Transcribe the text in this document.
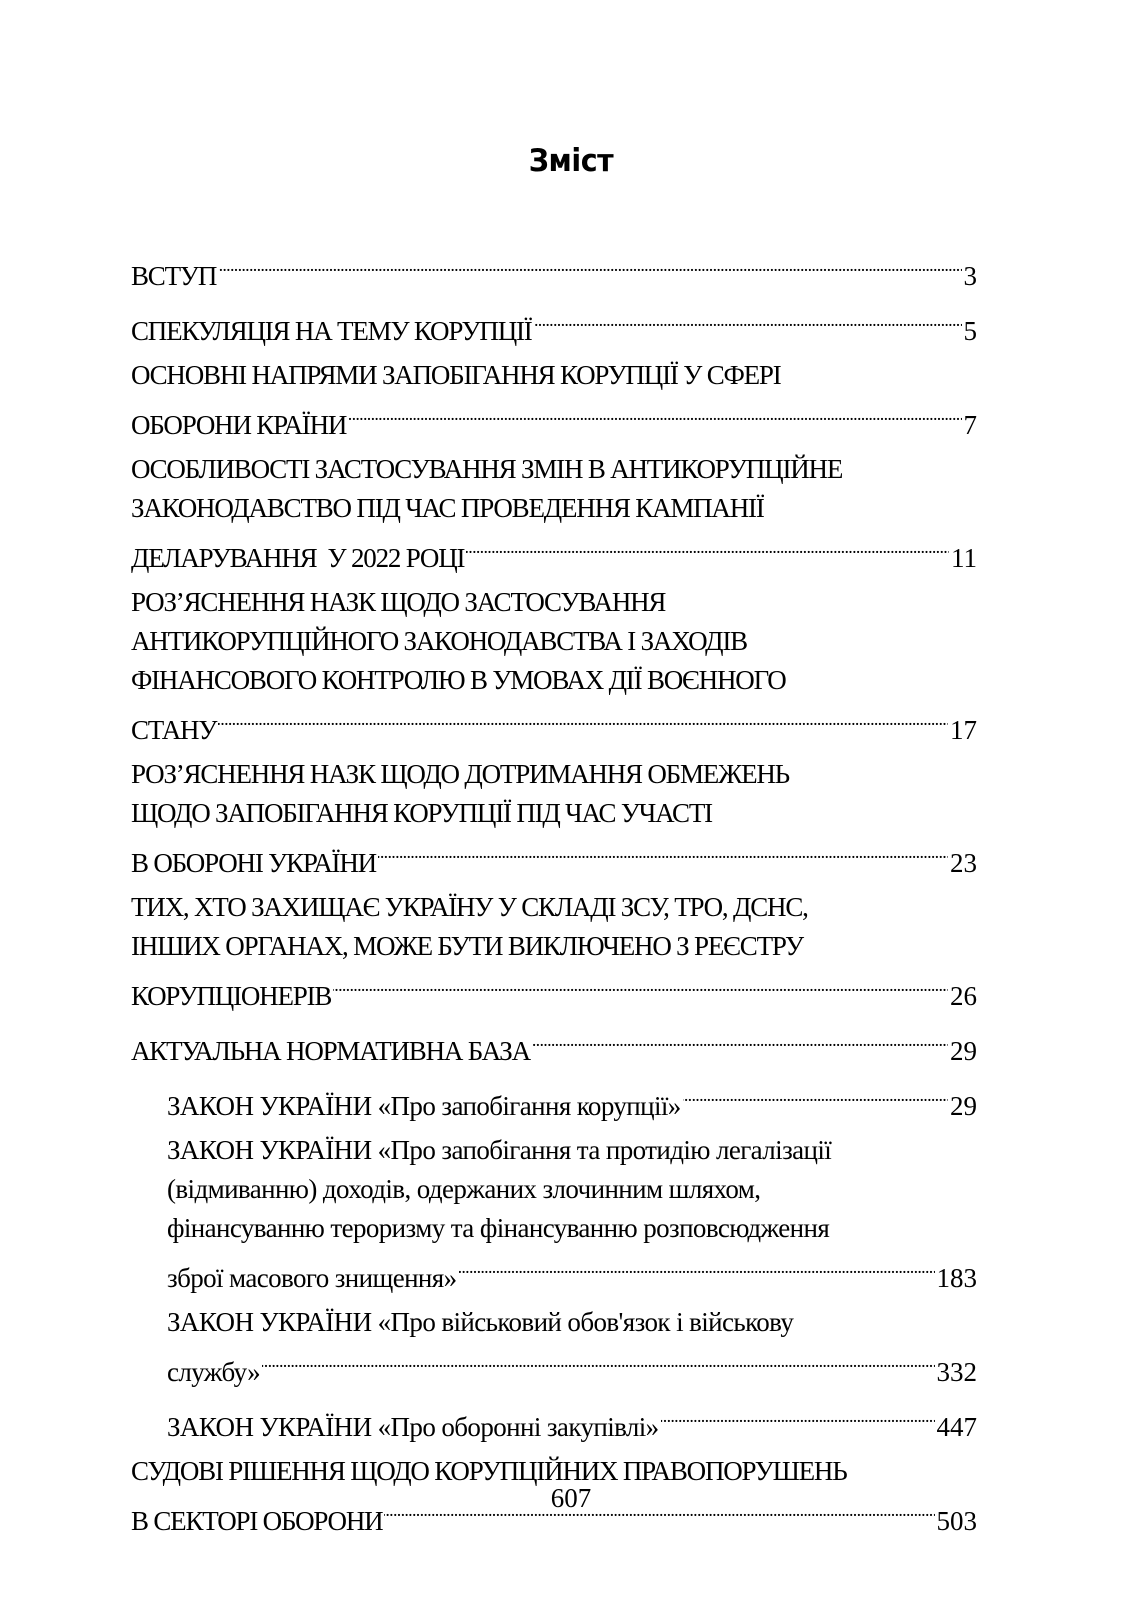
Зміст
ВСТУП . . .	3
СПЕКУЛЯЦІЯ НА ТЕМУ КОРУПЦІЇ . . .	5
ОСНОВНІ НАПРЯМИ ЗАПОБІГАННЯ КОРУПЦІЇ У СФЕРІ
ОБОРОНИ КРАЇНИ . . .	7
ОСОБЛИВОСТІ ЗАСТОСУВАННЯ ЗМІН В АНТИКОРУПЦІЙНЕ
ЗАКОНОДАВСТВО ПІД ЧАС ПРОВЕДЕННЯ КАМПАНІЇ
ДЕЛАРУВАННЯ  У 2022 РОЦІ . . .	11
РОЗ’ЯСНЕННЯ НАЗК ЩОДО ЗАСТОСУВАННЯ
АНТИКОРУПЦІЙНОГО ЗАКОНОДАВСТВА І ЗАХОДІВ
ФІНАНСОВОГО КОНТРОЛЮ В УМОВАХ ДІЇ ВОЄННОГО
СТАНУ . . .	17
РОЗ’ЯСНЕННЯ НАЗК ЩОДО ДОТРИМАННЯ ОБМЕЖЕНЬ
ЩОДО ЗАПОБІГАННЯ КОРУПЦІЇ ПІД ЧАС УЧАСТІ
В ОБОРОНІ УКРАЇНИ . . .	23
ТИХ, ХТО ЗАХИЩАЄ УКРАЇНУ У СКЛАДІ ЗСУ, ТРО, ДСНС,
ІНШИХ ОРГАНАХ, МОЖЕ БУТИ ВИКЛЮЧЕНО З РЕЄСТРУ
КОРУПЦІОНЕРІВ . . .	26
АКТУАЛЬНА НОРМАТИВНА БАЗА . . .	29
ЗАКОН УКРАЇНИ «Про запобігання корупції» . . .	29
ЗАКОН УКРАЇНИ «Про запобігання та протидію легалізації
(відмиванню) доходів, одержаних злочинним шляхом,
фінансуванню тероризму та фінансуванню розповсюдження
зброї масового знищення» . . .	183
ЗАКОН УКРАЇНИ «Про військовий обов'язок і військову
службу» . . .	332
ЗАКОН УКРАЇНИ «Про оборонні закупівлі» . . .	447
СУДОВІ РІШЕННЯ ЩОДО КОРУПЦІЙНИХ ПРАВОПОРУШЕНЬ
В СЕКТОРІ ОБОРОНИ . . .	503
607
